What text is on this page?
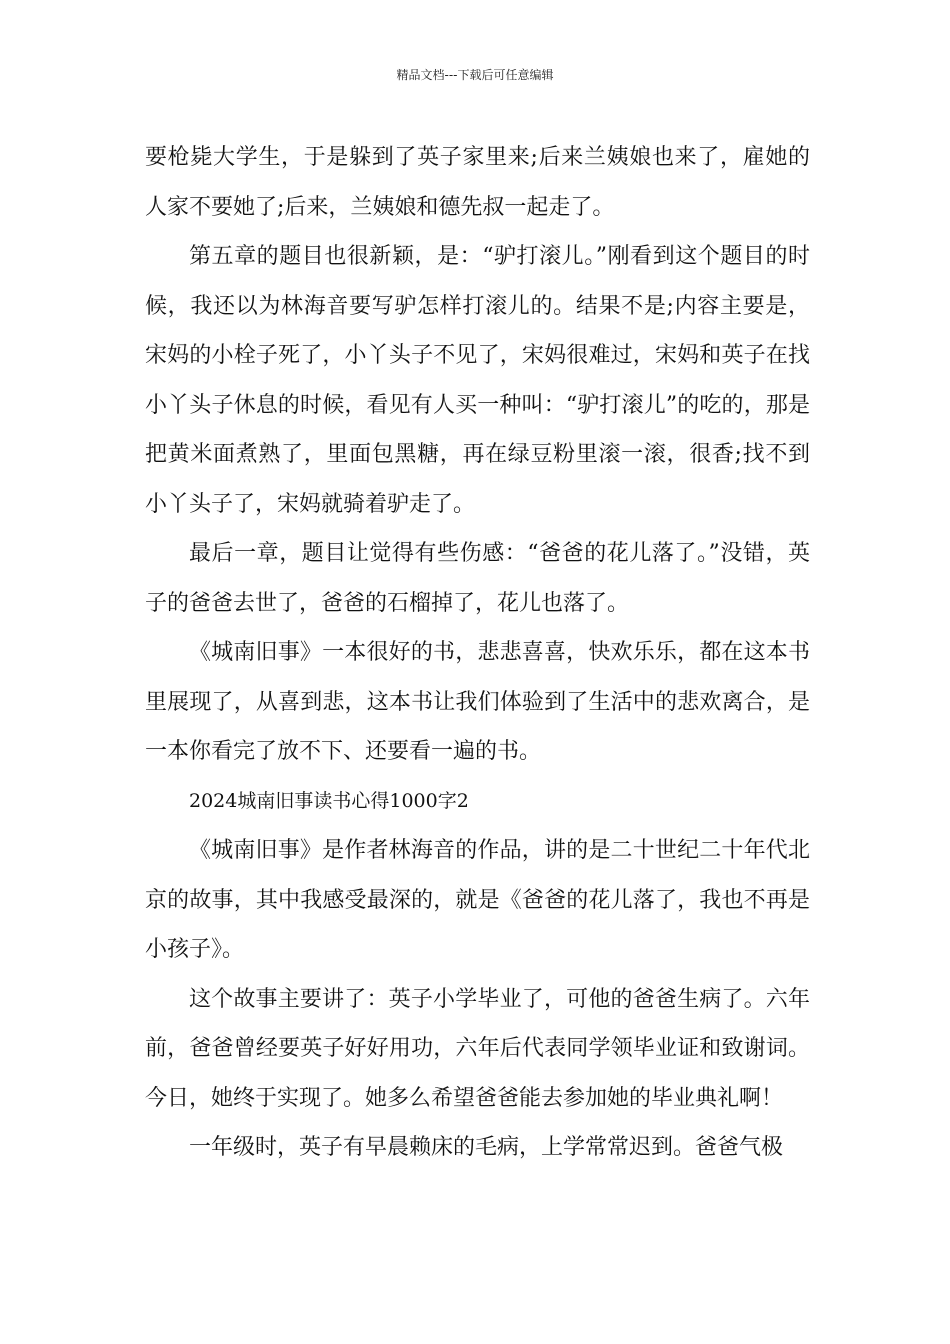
精品文档---下载后可任意编辑

要枪毙大学生，于是躲到了英子家里来;后来兰姨娘也来了，雇她的人家不要她了;后来，兰姨娘和德先叔一起走了。

第五章的题目也很新颖，是：“驴打滚儿。”刚看到这个题目的时候，我还以为林海音要写驴怎样打滚儿的。结果不是;内容主要是，宋妈的小栓子死了，小丫头子不见了，宋妈很难过，宋妈和英子在找小丫头子休息的时候，看见有人买一种叫：“驴打滚儿”的吃的，那是把黄米面煮熟了，里面包黑糖，再在绿豆粉里滚一滚，很香;找不到小丫头子了，宋妈就骑着驴走了。

最后一章，题目让觉得有些伤感：“爸爸的花儿落了。”没错，英子的爸爸去世了，爸爸的石榴掉了，花儿也落了。

《城南旧事》一本很好的书，悲悲喜喜，快欢乐乐，都在这本书里展现了，从喜到悲，这本书让我们体验到了生活中的悲欢离合，是一本你看完了放不下、还要看一遍的书。

2024城南旧事读书心得1000字2

《城南旧事》是作者林海音的作品，讲的是二十世纪二十年代北京的故事，其中我感受最深的，就是《爸爸的花儿落了，我也不再是小孩子》。

这个故事主要讲了：英子小学毕业了，可他的爸爸生病了。六年前，爸爸曾经要英子好好用功，六年后代表同学领毕业证和致谢词。今日，她终于实现了。她多么希望爸爸能去参加她的毕业典礼啊！

一年级时，英子有早晨赖床的毛病，上学常常迟到。爸爸气极
